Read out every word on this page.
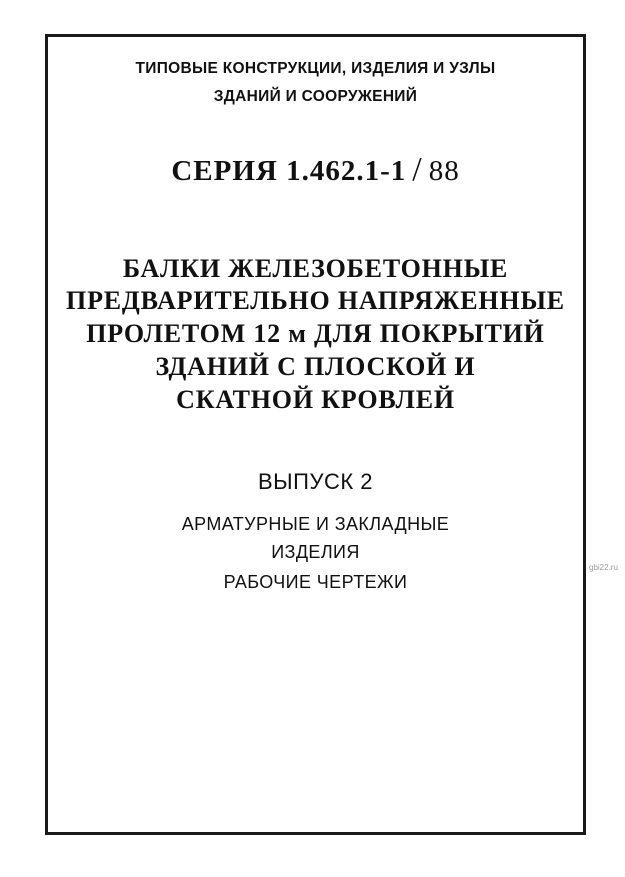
ТИПОВЫЕ КОНСТРУКЦИИ, ИЗДЕЛИЯ И УЗЛЫ
ЗДАНИЙ И СООРУЖЕНИЙ
СЕРИЯ 1.462.1-1 / 88
БАЛКИ ЖЕЛЕЗОБЕТОННЫЕ
ПРЕДВАРИТЕЛЬНО НАПРЯЖЕННЫЕ
ПРОЛЕТОМ 12 м ДЛЯ ПОКРЫТИЙ
ЗДАНИЙ С ПЛОСКОЙ И
СКАТНОЙ КРОВЛЕЙ
ВЫПУСК 2
АРМАТУРНЫЕ И ЗАКЛАДНЫЕ
ИЗДЕЛИЯ
РАБОЧИЕ ЧЕРТЕЖИ
gbi22.ru
